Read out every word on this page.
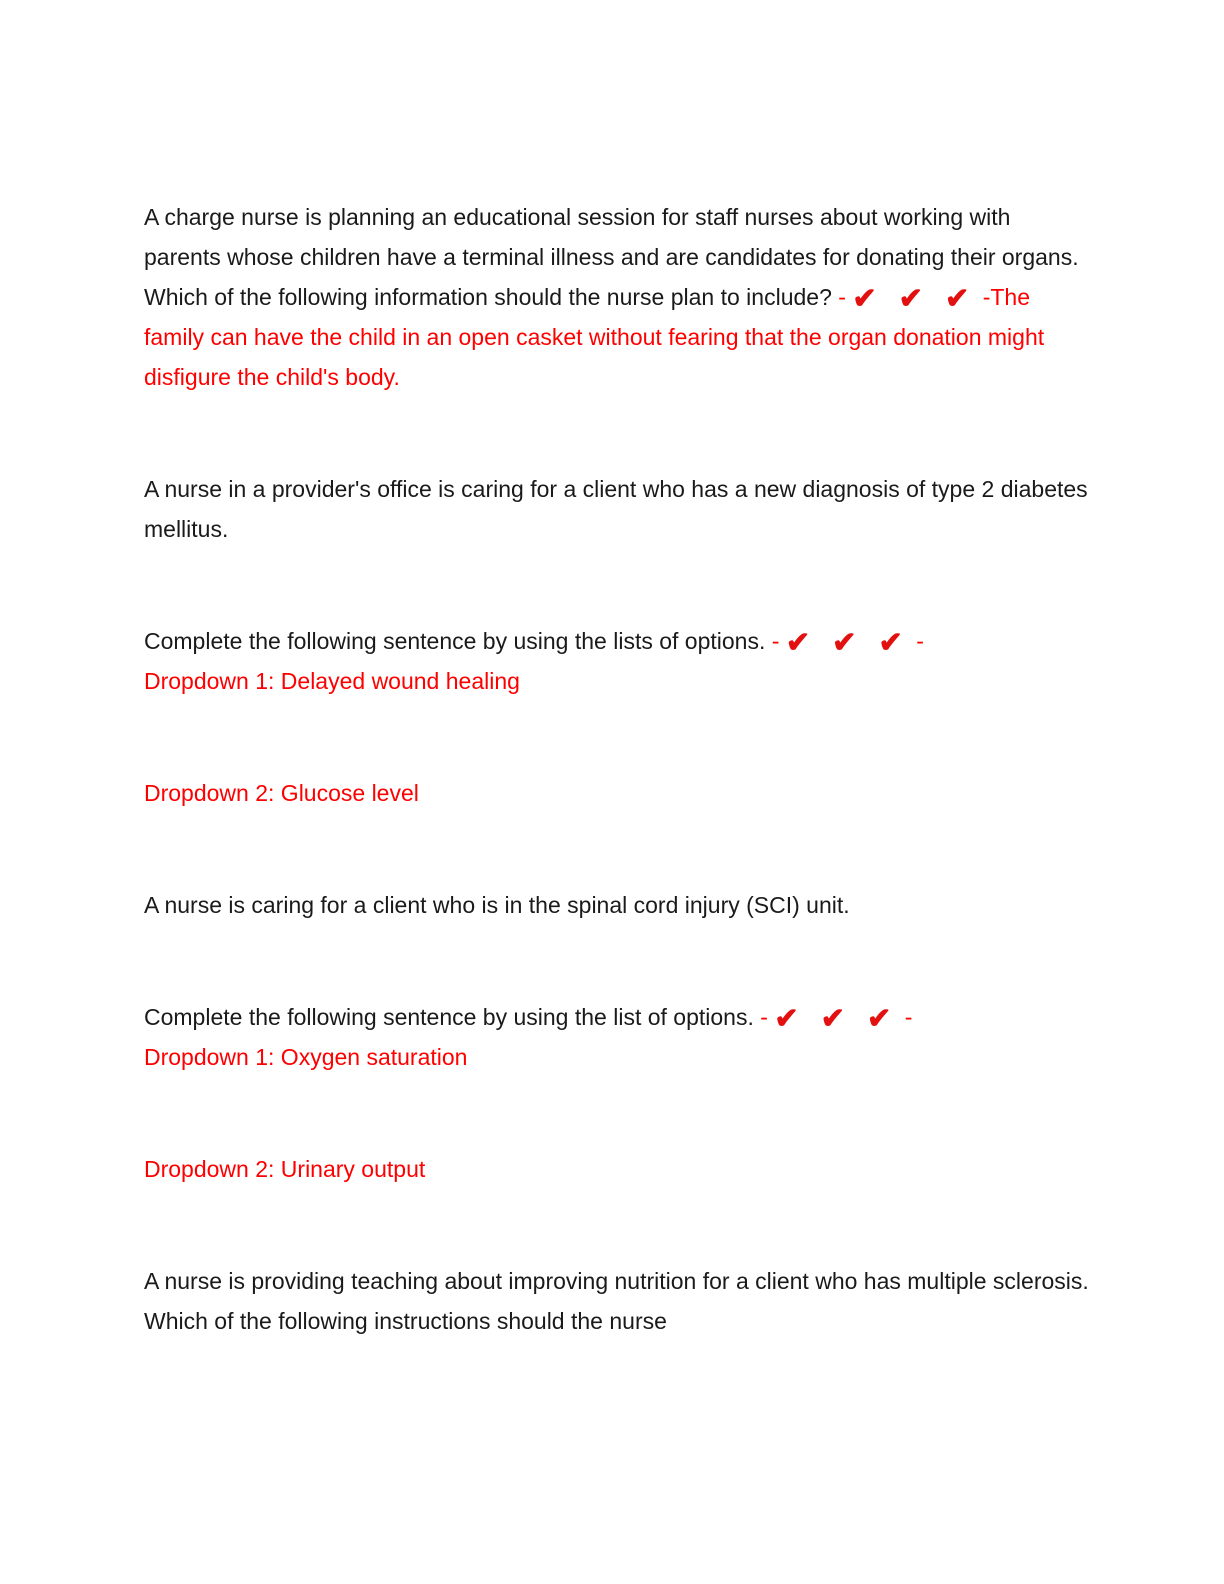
A charge nurse is planning an educational session for staff nurses about working with parents whose children have a terminal illness and are candidates for donating their organs. Which of the following information should the nurse plan to include? - ✔ ✔ ✔ -The family can have the child in an open casket without fearing that the organ donation might disfigure the child's body.

A nurse in a provider's office is caring for a client who has a new diagnosis of type 2 diabetes mellitus.

Complete the following sentence by using the lists of options. - ✔ ✔ ✔ -
Dropdown 1: Delayed wound healing

Dropdown 2: Glucose level

A nurse is caring for a client who is in the spinal cord injury (SCI) unit.

Complete the following sentence by using the list of options. - ✔ ✔ ✔ -
Dropdown 1: Oxygen saturation

Dropdown 2: Urinary output

A nurse is providing teaching about improving nutrition for a client who has multiple sclerosis. Which of the following instructions should the nurse
